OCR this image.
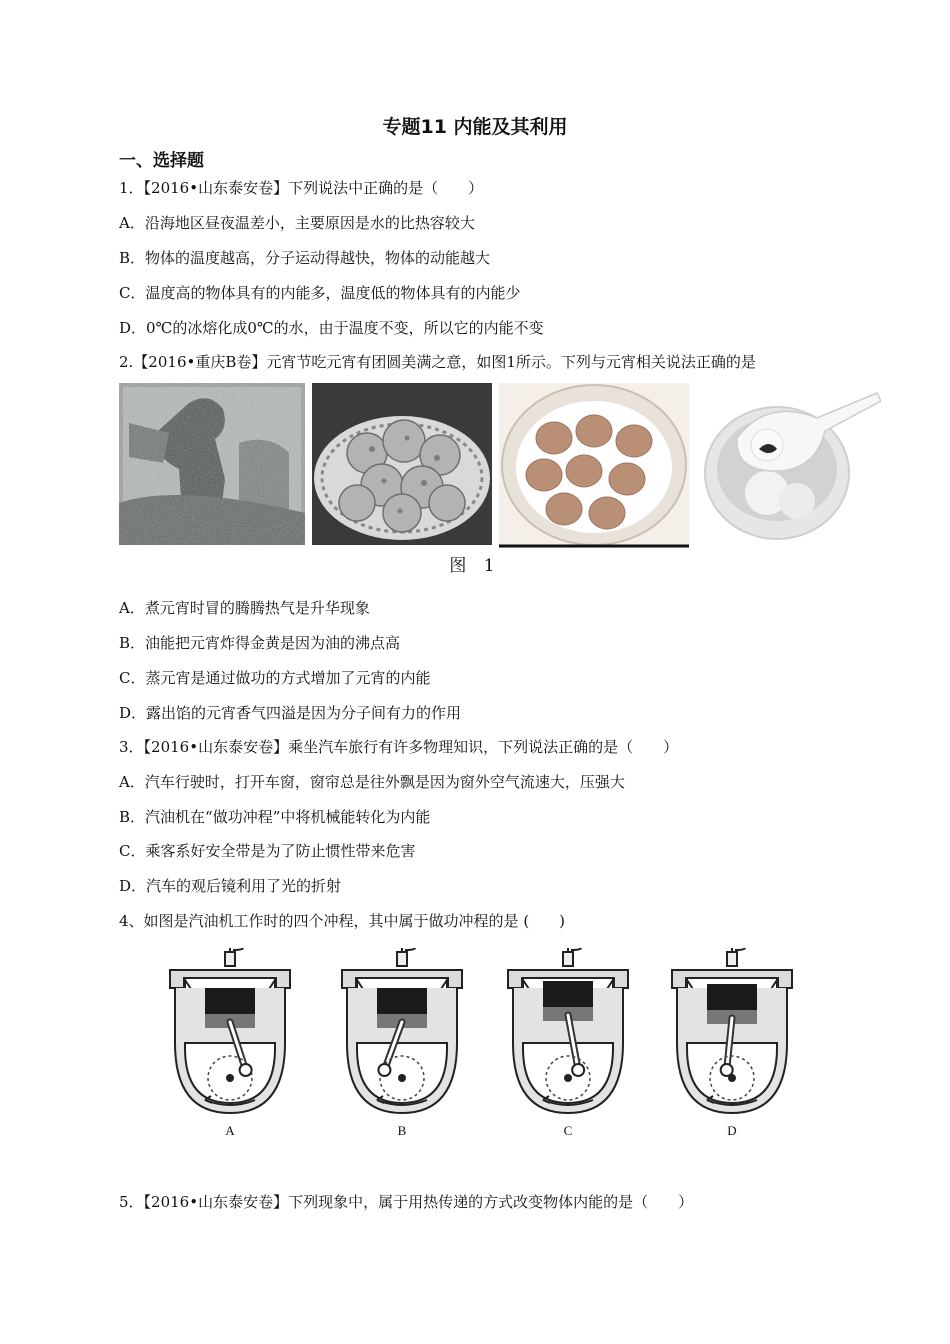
专题11 内能及其利用
一、选择题
1．【2016•山东泰安卷】下列说法中正确的是（　　）
A．沿海地区昼夜温差小，主要原因是水的比热容较大
B．物体的温度越高，分子运动得越快，物体的动能越大
C．温度高的物体具有的内能多，温度低的物体具有的内能少
D．0℃的冰熔化成0℃的水，由于温度不变，所以它的内能不变
2.【2016•重庆B卷】元宵节吃元宵有团圆美满之意，如图1所示。下列与元宵相关说法正确的是
图 1
A．煮元宵时冒的腾腾热气是升华现象
B．油能把元宵炸得金黄是因为油的沸点高
C．蒸元宵是通过做功的方式增加了元宵的内能
D．露出馅的元宵香气四溢是因为分子间有力的作用
3．【2016•山东泰安卷】乘坐汽车旅行有许多物理知识，下列说法正确的是（　　）
A．汽车行驶时，打开车窗，窗帘总是往外飘是因为窗外空气流速大，压强大
B．汽油机在“做功冲程”中将机械能转化为内能
C．乘客系好安全带是为了防止惯性带来危害
D．汽车的观后镜利用了光的折射
4、如图是汽油机工作时的四个冲程，其中属于做功冲程的是 (　　)
A	B	C	D
5．【2016•山东泰安卷】下列现象中，属于用热传递的方式改变物体内能的是（　　）
